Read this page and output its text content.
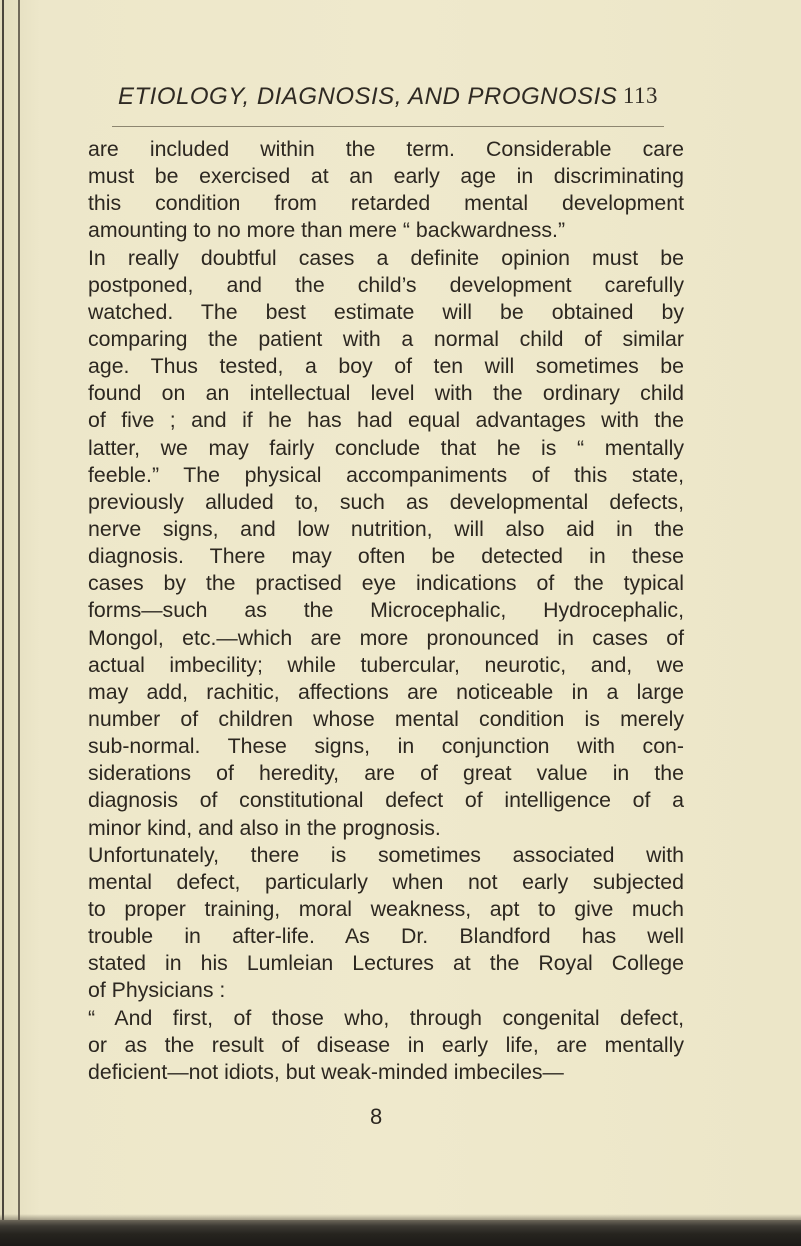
ETIOLOGY, DIAGNOSIS, AND PROGNOSIS 113
are included within the term. Considerable care
must be exercised at an early age in discriminating
this condition from retarded mental development
amounting to no more than mere “ backwardness.”
In really doubtful cases a definite opinion must be
postponed, and the child’s development carefully
watched. The best estimate will be obtained by
comparing the patient with a normal child of similar
age. Thus tested, a boy of ten will sometimes be
found on an intellectual level with the ordinary child
of five ; and if he has had equal advantages with the
latter, we may fairly conclude that he is “ mentally
feeble.” The physical accompaniments of this state,
previously alluded to, such as developmental defects,
nerve signs, and low nutrition, will also aid in the
diagnosis. There may often be detected in these
cases by the practised eye indications of the typical
forms—such as the Microcephalic, Hydrocephalic,
Mongol, etc.—which are more pronounced in cases of
actual imbecility; while tubercular, neurotic, and, we
may add, rachitic, affections are noticeable in a large
number of children whose mental condition is merely
sub-normal. These signs, in conjunction with con-
siderations of heredity, are of great value in the
diagnosis of constitutional defect of intelligence of a
minor kind, and also in the prognosis.
Unfortunately, there is sometimes associated with
mental defect, particularly when not early subjected
to proper training, moral weakness, apt to give much
trouble in after-life. As Dr. Blandford has well
stated in his Lumleian Lectures at the Royal College
of Physicians :
“ And first, of those who, through congenital defect,
or as the result of disease in early life, are mentally
deficient—not idiots, but weak-minded imbeciles—
8
